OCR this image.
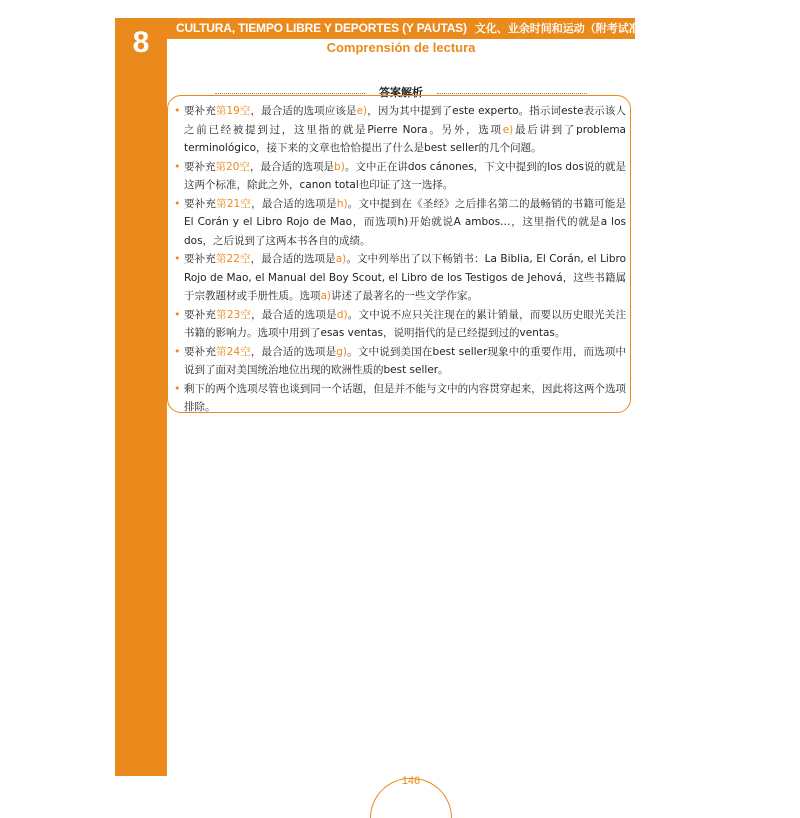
8	CULTURA, TIEMPO LIBRE Y DEPORTES (Y PAUTAS) 文化、业余时间和运动（附考试准则）
Comprensión de lectura
答案解析
• 要补充第19空，最合适的选项应该是e)，因为其中提到了este experto。指示词este表示该人之前已经被提到过，这里指的就是Pierre Nora。另外，选项e)最后讲到了problema terminológico，接下来的文章也恰恰提出了什么是best seller的几个问题。
• 要补充第20空，最合适的选项是b)。文中正在讲dos cánones，下文中提到的los dos说的就是这两个标准，除此之外，canon total也印证了这一选择。
• 要补充第21空，最合适的选项是h)。文中提到在《圣经》之后排名第二的最畅销的书籍可能是El Corán y el Libro Rojo de Mao，而选项h)开始就说A ambos…，这里指代的就是a los dos，之后说到了这两本书各自的成绩。
• 要补充第22空，最合适的选项是a)。文中列举出了以下畅销书：La Biblia, El Corán, el Libro Rojo de Mao, el Manual del Boy Scout, el Libro de los Testigos de Jehová，这些书籍属于宗教题材或手册性质。选项a)讲述了最著名的一些文学作家。
• 要补充第23空，最合适的选项是d)。文中说不应只关注现在的累计销量，而要以历史眼光关注书籍的影响力。选项中用到了esas ventas，说明指代的是已经提到过的ventas。
• 要补充第24空，最合适的选项是g)。文中说到美国在best seller现象中的重要作用，而选项中说到了面对美国统治地位出现的欧洲性质的best seller。
• 剩下的两个选项尽管也谈到同一个话题，但是并不能与文中的内容贯穿起来，因此将这两个选项排除。
146
